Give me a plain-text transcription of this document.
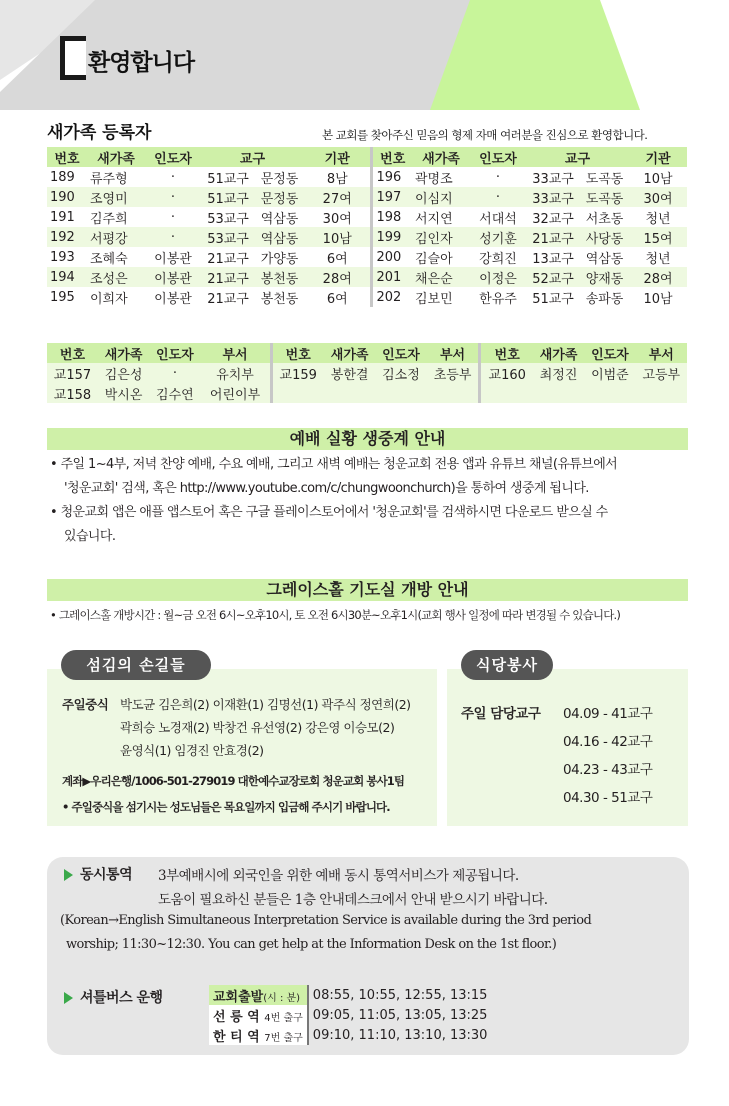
환영합니다
새가족 등록자	본 교회를 찾아주신 믿음의 형제 자매 여러분을 진심으로 환영합니다.
번호	새가족	인도자	교구		기관	번호	새가족	인도자	교구		기관
189	류주형	·	51교구	문정동	8남	196	곽명조	·	33교구	도곡동	10남
190	조영미	·	51교구	문정동	27여	197	이심지	·	33교구	도곡동	30여
191	김주희	·	53교구	역삼동	30여	198	서지연	서대석	32교구	서초동	청년
192	서평강	·	53교구	역삼동	10남	199	김인자	성기훈	21교구	사당동	15여
193	조혜숙	이봉관	21교구	가양동	6여	200	김슬아	강희진	13교구	역삼동	청년
194	조성은	이봉관	21교구	봉천동	28여	201	채은순	이정은	52교구	양재동	28여
195	이희자	이봉관	21교구	봉천동	6여	202	김보민	한유주	51교구	송파동	10남
번호	새가족	인도자	부서	번호	새가족	인도자	부서	번호	새가족	인도자	부서
교157	김은성	·	유치부	교159	봉한결	김소정	초등부	교160	최정진	이범준	고등부
교158	박시온	김수연	어린이부								
예배 실황 생중계 안내
• 주일 1~4부, 저녁 찬양 예배, 수요 예배, 그리고 새벽 예배는 청운교회 전용 앱과 유튜브 채널(유튜브에서
'청운교회' 검색, 혹은 http://www.youtube.com/c/chungwoonchurch)을 통하여 생중계 됩니다.
• 청운교회 앱은 애플 앱스토어 혹은 구글 플레이스토어에서 '청운교회'를 검색하시면 다운로드 받으실 수
있습니다.
그레이스홀 기도실 개방 안내
• 그레이스홀 개방시간 : 월~금 오전 6시~오후10시, 토 오전 6시30분~오후1시(교회 행사 일정에 따라 변경될 수 있습니다.)
섬김의 손길들
주일중식 박도균 김은희(2) 이재환(1) 김명선(1) 곽주식 정연희(2)
곽희승 노경재(2) 박창건 유선영(2) 강은영 이승모(2)
윤영식(1) 임경진 안효경(2)
계좌▶우리은행/1006-501-279019 대한예수교장로회 청운교회 봉사1팀
• 주일중식을 섬기시는 성도님들은 목요일까지 입금해 주시기 바랍니다.
식당봉사
주일 담당교구 04.09 - 41교구
04.16 - 42교구
04.23 - 43교구
04.30 - 51교구
동시통역 3부예배시에 외국인을 위한 예배 동시 통역서비스가 제공됩니다.
도움이 필요하신 분들은 1층 안내데스크에서 안내 받으시기 바랍니다.
(Korean→English Simultaneous Interpretation Service is available during the 3rd period
worship; 11:30~12:30. You can get help at the Information Desk on the 1st floor.)
셔틀버스 운행	교회출발(시 : 분)	08:55, 10:55, 12:55, 13:15
선 릉 역 4번 출구	09:05, 11:05, 13:05, 13:25
한 티 역 7번 출구	09:10, 11:10, 13:10, 13:30
